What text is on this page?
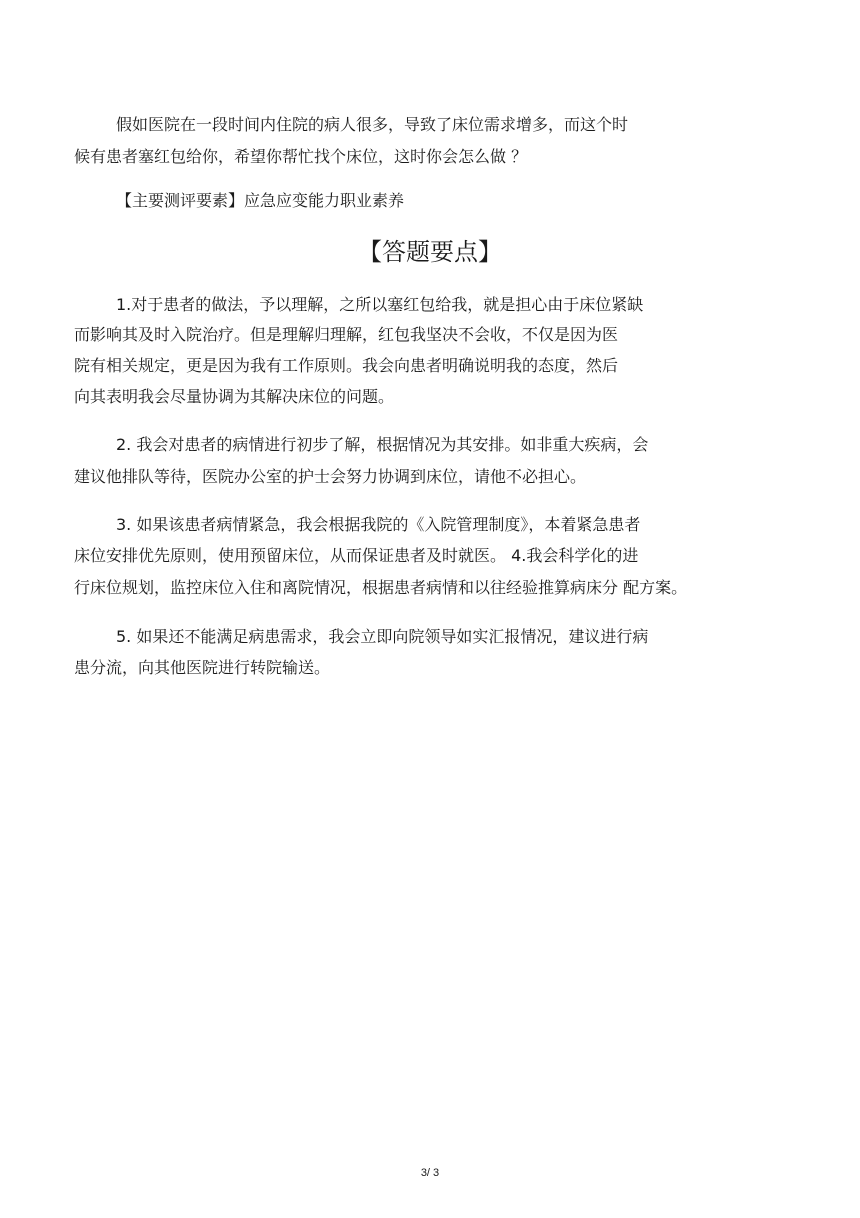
假如医院在一段时间内住院的病人很多，导致了床位需求增多，而这个时
候有患者塞红包给你，希望你帮忙找个床位，这时你会怎么做 ？
【主要测评要素】应急应变能力职业素养
【答题要点】
1.对于患者的做法，予以理解，之所以塞红包给我，就是担心由于床位紧缺
而影响其及时入院治疗。但是理解归理解，红包我坚决不会收，不仅是因为医
院有相关规定，更是因为我有工作原则。我会向患者明确说明我的态度，然后
向其表明我会尽量协调为其解决床位的问题。
2. 我会对患者的病情进行初步了解，根据情况为其安排。如非重大疾病，会
建议他排队等待，医院办公室的护士会努力协调到床位，请他不必担心。
3. 如果该患者病情紧急，我会根据我院的《入院管理制度》，本着紧急患者
床位安排优先原则，使用预留床位，从而保证患者及时就医。 4.我会科学化的进
行床位规划，监控床位入住和离院情况，根据患者病情和以往经验推算病床分 配方案。
5. 如果还不能满足病患需求，我会立即向院领导如实汇报情况，建议进行病
患分流，向其他医院进行转院输送。
3/ 3
